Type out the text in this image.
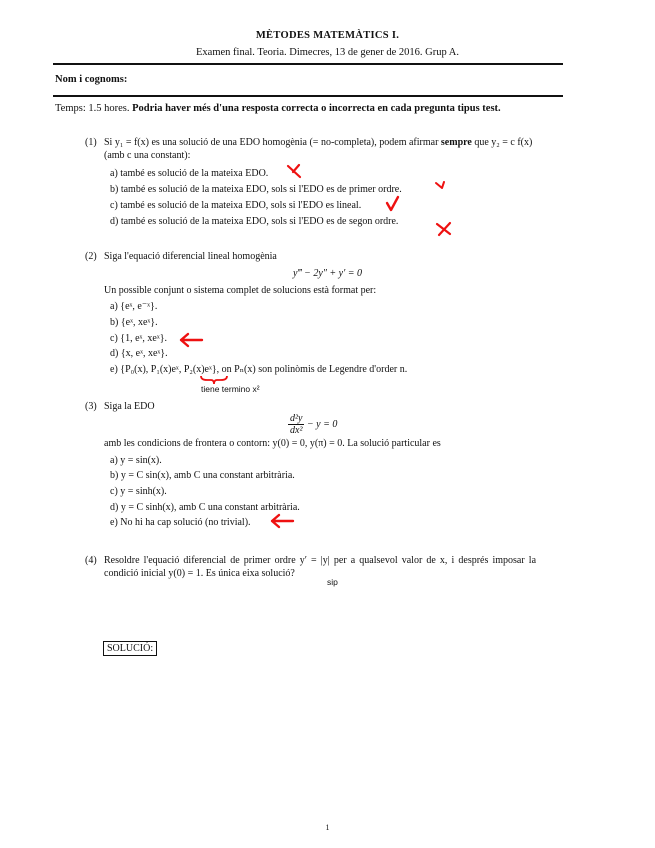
MÈTODES MATEMÀTICS I.
Examen final. Teoria. Dimecres, 13 de gener de 2016. Grup A.
Nom i cognoms:
Temps: 1.5 hores. Podria haver més d'una resposta correcta o incorrecta en cada pregunta tipus test.
(1) Si y₁ = f(x) es una solució de una EDO homogènia (= no-completa), podem afirmar sempre que y₂ = c f(x)
(amb c una constant):
a) també es solució de la mateixa EDO.
b) també es solució de la mateixa EDO, sols si l'EDO es de primer ordre.
c) també es solució de la mateixa EDO, sols si l'EDO es lineal.
d) també es solució de la mateixa EDO, sols si l'EDO es de segon ordre.
(2) Siga l'equació diferencial lineal homogènia
y‴ − 2y″ + y′ = 0
Un possible conjunt o sistema complet de solucions està format per:
a) {eˣ, e⁻ˣ}.
b) {eˣ, xeˣ}.
c) {1, eˣ, xeˣ}.
d) {x, eˣ, xeˣ}.
e) {P₀(x), P₁(x)eˣ, P₂(x)eˣ}, on Pₙ(x) son polinòmis de Legendre d'order n.
tiene termino x²
(3) Siga la EDO
$\frac{\text{d²y}}{\text{dx²}} - y = 0$
amb les condicions de frontera o contorn: y(0) = 0, y(π) = 0. La solució particular es
a) y = sin(x).
b) y = C sin(x), amb C una constant arbitrària.
c) y = sinh(x).
d) y = C sinh(x), amb C una constant arbitrària.
e) No hi ha cap solució (no trivial).
(4) Resoldre l'equació diferencial de primer ordre y′ = |y| per a qualsevol valor de x, i després imposar la
condició inicial y(0) = 1. Es única eixa solució?
sip
SOLUCIÓ:
1
